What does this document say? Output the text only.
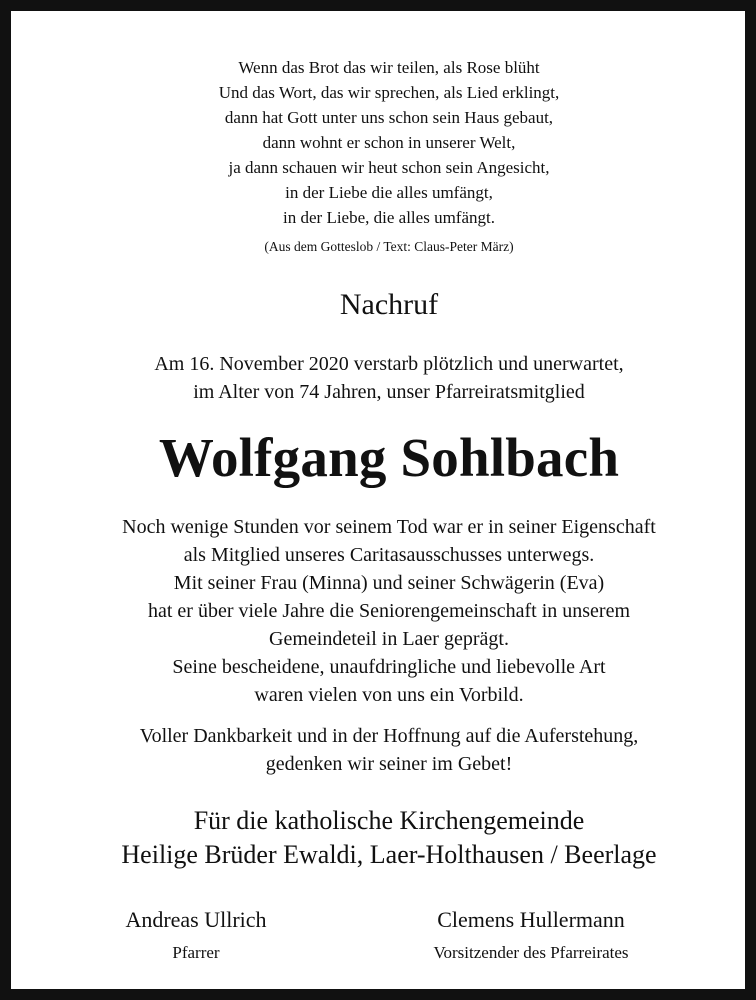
Wenn das Brot das wir teilen, als Rose blüht
Und das Wort, das wir sprechen, als Lied erklingt,
dann hat Gott unter uns schon sein Haus gebaut,
dann wohnt er schon in unserer Welt,
ja dann schauen wir heut schon sein Angesicht,
in der Liebe die alles umfängt,
in der Liebe, die alles umfängt.
(Aus dem Gotteslob / Text: Claus-Peter März)
Nachruf
Am 16. November 2020 verstarb plötzlich und unerwartet,
im Alter von 74 Jahren, unser Pfarreiratsmitglied
Wolfgang Sohlbach
Noch wenige Stunden vor seinem Tod war er in seiner Eigenschaft
als Mitglied unseres Caritasausschusses unterwegs.
Mit seiner Frau (Minna) und seiner Schwägerin (Eva)
hat er über viele Jahre die Seniorengemeinschaft in unserem
Gemeindeteil in Laer geprägt.
Seine bescheidene, unaufdringliche und liebevolle Art
waren vielen von uns ein Vorbild.
Voller Dankbarkeit und in der Hoffnung auf die Auferstehung,
gedenken wir seiner im Gebet!
Für die katholische Kirchengemeinde
Heilige Brüder Ewaldi, Laer-Holthausen / Beerlage
Andreas Ullrich
Pfarrer
Clemens Hullermann
Vorsitzender des Pfarreirates
